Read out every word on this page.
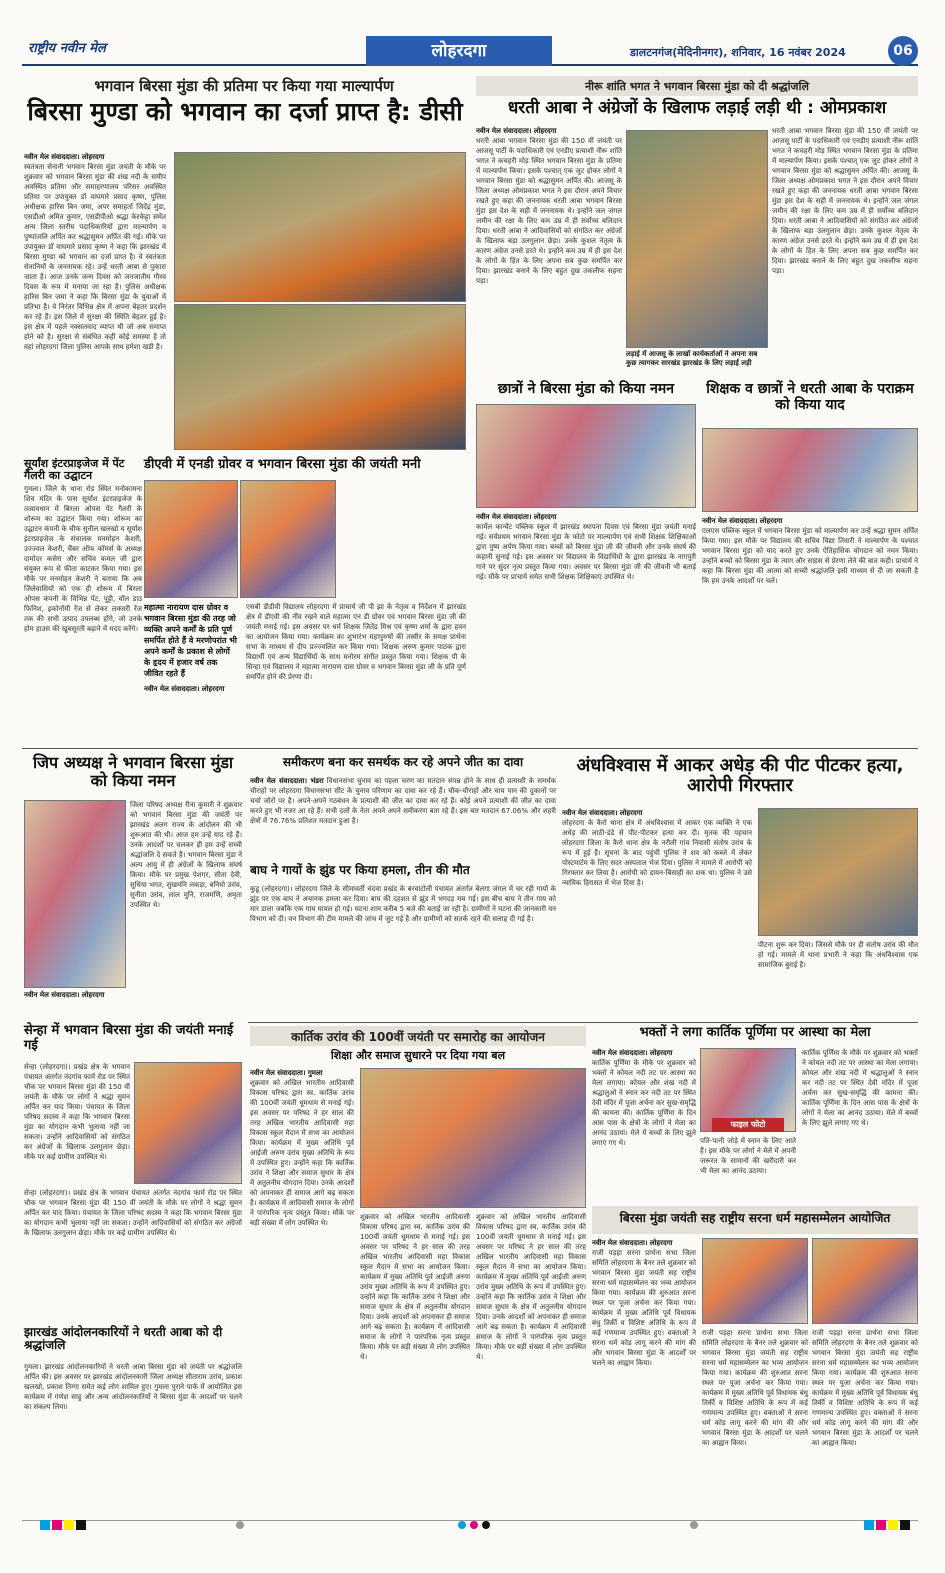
राष्ट्रीय नवीन मेल	लोहरदगा	डालटनगंज(मेदिनीनगर), शनिवार, 16 नवंबर 2024	06
भगवान बिरसा मुंडा की प्रतिमा पर किया गया माल्यार्पण
बिरसा मुण्डा को भगवान का दर्जा प्राप्त है: डीसी
नवीन मेल संवाददाता। लोहरदगा
स्वतंत्रता सेनानी भगवान बिरसा मुंडा जयंती के मौके पर शुक्रवार को भगवान बिरसा मुंडा की शंख नदी के समीप अवस्थित प्रतिमा और समाहरणालय परिसर अवस्थित प्रतिमा पर उपायुक्त डॉ वाघमारे प्रसाद कृष्ण, पुलिस अधीक्षक हारिस बिन जमा, अपर समाहर्ता जिदेंद्र मुंडा, एसडीओ अमित कुमार, एसडीपीओ श्रद्धा केरकेट्टा समेत अन्य जिला स्तरीय पदाधिकारियों द्वारा माल्यार्पण व पुष्पांजलि अर्पित कर श्रद्धासुमन अर्पित की गई। मौके पर उपायुक्त डॉ वाघमारे प्रसाद कृष्ण ने कहा कि झारखंड में बिरसा मुण्डा को भगवान का दर्जा प्राप्त है। वे स्वतंत्रता सेनानियों के जननायक रहे। उन्हें धरती आबा से पुकारा जाता है। आज उनके जन्म दिवस को जनजातीय गौरव दिवस के रूप में मनाया जा रहा है। पुलिस अधीक्षक हारिस बिन जमा ने कहा कि बिरसा मुंडा के युवाओं में प्रतिभा है। वे निरंतर विभिन्न क्षेत्र में अपना बेहतर प्रदर्शन कर रहे हैं। इस जिले में सुरक्षा की स्थिति बेहतर हुई है। इस क्षेत्र में पहले नक्सलवाद व्याप्त थी जो अब समाप्त होने को है। सुरक्षा से संबंधित कहीं कोई समस्या है तो वहां लोहरदगा जिला पुलिस आपके साथ हमेशा खड़ी है।
सूर्यांश इंटरप्राइजेज में पेंट गैलरी का उद्घाटन
गुमला। जिले के थाना रोड स्थित मनोकामना शिव मंदिर के पास सूर्यांश इंटरप्राइजेज के तत्वावधान में बिरला ओपस पेंट गैलरी के शोरूम का उद्घाटन किया गया। शोरूम का उद्घाटन कंपनी के चीफ सुनील खलखो व सूर्यांश इंटरप्राइजेज के संचालक मनमोहन केशरी, उज्ज्वल केशरी, चैंबर ऑफ कॉमर्स के अध्यक्ष दामोदर कसेरा और सचिव कमल जी द्वारा संयुक्त रूप से फीता काटकर किया गया। इस मौके पर मनमोहन केशरी ने बताया कि अब जिलेवासियों को एक ही शोरूम में बिरला ओपस कंपनी के विभिन्न पेंट, पुट्टी, वॉल डाउ फिनिश, इकोनॉमी रेंज से लेकर लक्जरी रेंज तक की सभी उत्पाद उपलब्ध होंगे, जो उनके होम हाउस की खूबसूरती बढ़ाने में मदद करेंगे।
डीएवी में एनडी ग्रोवर व भगवान बिरसा मुंडा की जयंती मनी
महात्मा नारायण दास ग्रोवर व भगवान बिरसा मुंडा की तरह जो व्यक्ति अपने कर्मों के प्रति पूर्ण समर्पित होते हैं वे मरणोपरांत भी अपने कर्मों के प्रकाश से लोगों के हृदय में हजार वर्ष तक जीवित रहते हैं
नवीन मेल संवाददाता। लोहरदगा
एसबी डीडीवी विद्यालय लोहरदगा में प्राचार्य जी पी झा के नेतृत्व व निर्देशन में झारखंड क्षेत्र में डीएवी की नींव रखने वाले महात्मा एन डी ग्रोवर एवं भगवान बिरसा मुंडा जी की जयंती मनाई गई। इस अवसर पर धर्म शिक्षक जितेंद्र मिश्र एवं कृष्ण शर्मा के द्वारा हवन का आयोजन किया गया। कार्यक्रम का शुभारंभ महापुरुषों की तस्वीर के समक्ष प्रार्थना सभा के माध्यम से दीप प्रज्ज्वलित कर किया गया। शिक्षक अरुण कुमार पाठक द्वारा विद्यार्थी एवं अन्य विद्यार्थियों के साथ मनोरम संगीत प्रस्तुत किया गया। शिक्षक पी के सिन्हा एवं विद्यालय ने महात्मा नारायण दास ग्रोवर व भगवान बिरसा मुंडा जी के प्रति पूर्ण समर्पित होने की प्रेरणा दी।
नीरू शांति भगत ने भगवान बिरसा मुंडा को दी श्रद्धांजलि
धरती आबा ने अंग्रेजों के खिलाफ लड़ाई लड़ी थी : ओमप्रकाश
नवीन मेल संवाददाता। लोहरदगा
धरती आबा भगवान बिरसा मुंडा की 150 वीं जयंती पर आजसू पार्टी के पदाधिकारी एवं एनडीए प्रत्याशी नीरू शांति भगत ने कचहरी मोड़ स्थित भगवान बिरसा मुंडा के प्रतिमा में माल्यार्पण किया। इसके पश्चात् एक जुट होकर लोगों ने भगवान बिरसा मुंडा को श्रद्धासुमन अर्पित की। आजसू के जिला अध्यक्ष ओमप्रकाश भगत ने इस दौरान अपने विचार रखते हुए कहा की जननायक धरती आबा भगवान बिरसा मुंडा इस देश के सही में जननायक थे। इन्होंने जल जंगल जमीन की रक्षा के लिए कम उम्र में ही सर्वोच्च बलिदान दिया। धरती आबा ने आदिवासियों को संगठित कर अंग्रेजों के खिलाफ बड़ा उलगुलान छेड़ा। उनके कुशल नेतृत्व के कारण अंग्रेज उनसे डरते थे। इन्होंने कम उम्र में ही इस देश के लोगों के हित के लिए अपना सब कुछ समर्पित कर दिया। झारखंड बनाने के लिए बहुत दुख तकलीफ सहना पड़ा।
लड़ाई में आजसू के लाखों कार्यकर्ताओं ने अपना सब कुछ त्यागकर सारखंड झारखंड के लिए लड़ाई लड़ी
धरती आबा भगवान बिरसा मुंडा की 150 वीं जयंती पर आजसू पार्टी के पदाधिकारी एवं एनडीए प्रत्याशी नीरू शांति भगत ने कचहरी मोड़ स्थित भगवान बिरसा मुंडा के प्रतिमा में माल्यार्पण किया। इसके पश्चात् एक जुट होकर लोगों ने भगवान बिरसा मुंडा को श्रद्धासुमन अर्पित की। आजसू के जिला अध्यक्ष ओमप्रकाश भगत ने इस दौरान अपने विचार रखते हुए कहा की जननायक धरती आबा भगवान बिरसा मुंडा इस देश के सही में जननायक थे। इन्होंने जल जंगल जमीन की रक्षा के लिए कम उम्र में ही सर्वोच्च बलिदान दिया। धरती आबा ने आदिवासियों को संगठित कर अंग्रेजों के खिलाफ बड़ा उलगुलान छेड़ा। उनके कुशल नेतृत्व के कारण अंग्रेज उनसे डरते थे। इन्होंने कम उम्र में ही इस देश के लोगों के हित के लिए अपना सब कुछ समर्पित कर दिया। झारखंड बनाने के लिए बहुत दुख तकलीफ सहना पड़ा।
छात्रों ने बिरसा मुंडा को किया नमन
नवीन मेल संवाददाता। लोहरदगा
कार्मेल कान्वेंट पब्लिक स्कूल में झारखंड स्थापना दिवस एवं बिरसा मुंडा जयंती मनाई गई। सर्वप्रथम भगवान बिरसा मुंडा के फोटो पर माल्यार्पण एवं सभी शिक्षक शिक्षिकाओं द्वारा पुष्प अर्पण किया गया। बच्चों को बिरसा मुंडा जी की जीवनी और उनके संघर्ष की कहानी सुनाई गई। इस अवसर पर विद्यालय के विद्यार्थियों के द्वारा झारखंड के नागपुरी गाने पर सुंदर नृत्य प्रस्तुत किया गया। अवसर पर बिरसा मुंडा जी की जीवनी भी बताई गई। मौके पर प्राचार्य समेत सभी शिक्षक शिक्षिकाएं उपस्थित थे।
शिक्षक व छात्रों ने धरती आबा के पराक्रम को किया याद
नवीन मेल संवाददाता। लोहरदगा
एलएस पब्लिक स्कूल में भगवान बिरसा मुंडा को माल्यार्पण कर उन्हें श्रद्धा सुमन अर्पित किया गया। इस मौके पर विद्यालय की सचिव विद्या तिवारी ने माल्यार्पण के पश्चात भगवान बिरसा मुंडा को याद करते हुए उनके ऐतिहासिक योगदान को नमन किया। उन्होंने बच्चों को बिरसा मुंडा के त्याग और साहस से प्रेरणा लेने की बात कही। प्राचार्य ने कहा कि बिरसा मुंडा की आत्मा को सच्ची श्रद्धांजलि इसी माध्यम से दी जा सकती है कि हम उनके आदर्शों पर चलें।
जिप अध्यक्ष ने भगवान बिरसा मुंडा को किया नमन
जिला परिषद अध्यक्ष रीना कुमारी ने शुक्रवार को भगवान बिरसा मुंडा की जयंती पर झारखंड अलग राज्य के आंदोलन की भी शुरूआत की थी। आज हम उन्हें याद रहे हैं। उनके आदर्शों पर चलकर ही हम उन्हें सच्ची श्रद्धांजलि दे सकते हैं। भगवान बिरसा मुंडा ने अल्प आयु में ही अंग्रेजों के खिलाफ संघर्ष किया। मौके पर प्रमुख पेशगर, सीता देवी, सुधिया भगत, सुखमनि लकड़ा, बनियो उरांव, सुनीता उरांव, लाल मुनि, राजमणि, अमृता उपस्थित थे।
नवीन मेल संवाददाता। लोहरदगा
समीकरण बना कर समर्थक कर रहे अपने जीत का दावा
नवीन मेल संवाददाता। भंडरा विधानसभा चुनाव का पहला चरण का मतदान संपन्न होने के साथ ही प्रत्याशी के समर्थक चौराहों पर लोहरदगा विधानसभा सीट के चुनाव परिणाम का दावा कर रहे हैं। चौक-चौराहों और चाय पान की दुकानों पर चर्चा जोरों पर है। अपने-अपने गठबंधन के प्रत्याशी की जीत का दावा कर रहे हैं। कोई अपने प्रत्याशी की जीत का दावा करते हुए भी नजर आ रहे हैं। सभी दलों के नेता अपने अपने समीकरण बता रहे हैं। इस बार मतदान 67.06% और शहरी क्षेत्रों में 76.76% प्रतिशत मतदान हुआ है।
बाघ ने गायों के झुंड पर किया हमला, तीन की मौत
कुडू (लोहरदगा)। लोहरदगा जिले के सीमावर्ती चंदवा प्रखंड के बरवाटोली पंचायत अंतर्गत बेलगा जंगल में चर रही गायों के झुंड पर एक बाघ ने अचानक हमला कर दिया। बाघ की दहशत से झुंड में भगदड़ मच गई। इस बीच बाघ ने तीन गाय को मार डाला जबकि एक गाय घायल हो गई। घटना शाम करीब 5 बजे की बताई जा रही है। ग्रामीणों ने घटना की जानकारी वन विभाग को दी। वन विभाग की टीम मामले की जांच में जुट गई है और ग्रामीणों को सतर्क रहने की सलाह दी गई है।
अंधविश्वास में आकर अधेड़ की पीट पीटकर हत्या, आरोपी गिरफ्तार
नवीन मेल संवाददाता। लोहरदगा
लोहरदगा के कैरो थाना क्षेत्र में अंधविश्वास में आकर एक व्यक्ति ने एक अधेड़ की लाठी-डंडे से पीट-पीटकर हत्या कर दी। मृतक की पहचान लोहरदगा जिला के कैरो थाना क्षेत्र के नरौली गांव निवासी संतोष उरांव के रूप में हुई है। सूचना के बाद पहुंची पुलिस ने शव को कब्जे में लेकर पोस्टमार्टम के लिए सदर अस्पताल भेज दिया। पुलिस ने मामले में आरोपी को गिरफ्तार कर लिया है। आरोपी को डायन-बिसाही का शक था। पुलिस ने उसे न्यायिक हिरासत में भेज दिया है।
पीटना शुरू कर दिया। जिससे मौके पर ही संतोष उरांव की मौत हो गई। मामले में थाना प्रभारी ने कहा कि अंधविश्वास एक सामाजिक बुराई है।
सेन्हा में भगवान बिरसा मुंडा की जयंती मनाई गई
सेन्हा (लोहरदगा)। प्रखंड क्षेत्र के भगवान पंचायत अंतर्गत नंदगांव फार्म रोड पर स्थित चौक पर भगवान बिरसा मुंडा की 150 वीं जयंती के मौके पर लोगों ने श्रद्धा सुमन अर्पित कर याद किया। पंचायत के जिला परिषद सदस्य ने कहा कि भगवान बिरसा मुंडा का योगदान कभी भुलाया नहीं जा सकता। उन्होंने आदिवासियों को संगठित कर अंग्रेजों के खिलाफ उलगुलान छेड़ा। मौके पर कई ग्रामीण उपस्थित थे।
सेन्हा (लोहरदगा)। प्रखंड क्षेत्र के भगवान पंचायत अंतर्गत नंदगांव फार्म रोड पर स्थित चौक पर भगवान बिरसा मुंडा की 150 वीं जयंती के मौके पर लोगों ने श्रद्धा सुमन अर्पित कर याद किया। पंचायत के जिला परिषद सदस्य ने कहा कि भगवान बिरसा मुंडा का योगदान कभी भुलाया नहीं जा सकता। उन्होंने आदिवासियों को संगठित कर अंग्रेजों के खिलाफ उलगुलान छेड़ा। मौके पर कई ग्रामीण उपस्थित थे।
झारखंड आंदोलनकारियों ने धरती आबा को दी श्रद्धांजलि
गुमला। झारखंड आंदोलनकारियों ने धरती आबा बिरसा मुंडा को जयंती पर श्रद्धांजलि अर्पित की। इस अवसर पर झारखंड आंदोलनकारी जिला अध्यक्ष सीताराम उरांव, प्रकाश खलखो, प्रकाश तिग्गा समेत कई लोग शामिल हुए। गुमला पुराने पार्क में आयोजित इस कार्यक्रम में गणेश साहु और अन्य आंदोलनकारियों ने बिरसा मुंडा के आदर्शों पर चलने का संकल्प लिया।
कार्तिक उरांव की 100वीं जयंती पर समारोह का आयोजन
शिक्षा और समाज सुधारने पर दिया गया बल
नवीन मेल संवाददाता। गुमला
शुक्रवार को अखिल भारतीय आदिवासी विकास परिषद द्वारा स्व. कार्तिक उरांव की 100वीं जयंती धूमधाम से मनाई गई। इस अवसर पर परिषद ने हर साल की तरह अखिल भारतीय आदिवासी महा विकास स्कूल मैदान में सभा का आयोजन किया। कार्यक्रम में मुख्य अतिथि पूर्व आईजी अरुण उरांव मुख्य अतिथि के रूप में उपस्थित हुए। उन्होंने कहा कि कार्तिक उरांव ने शिक्षा और समाज सुधार के क्षेत्र में अतुलनीय योगदान दिया। उनके आदर्शों को अपनाकर ही समाज आगे बढ़ सकता है। कार्यक्रम में आदिवासी समाज के लोगों ने पारंपरिक नृत्य प्रस्तुत किया। मौके पर बड़ी संख्या में लोग उपस्थित थे।
शुक्रवार को अखिल भारतीय आदिवासी विकास परिषद द्वारा स्व. कार्तिक उरांव की 100वीं जयंती धूमधाम से मनाई गई। इस अवसर पर परिषद ने हर साल की तरह अखिल भारतीय आदिवासी महा विकास स्कूल मैदान में सभा का आयोजन किया। कार्यक्रम में मुख्य अतिथि पूर्व आईजी अरुण उरांव मुख्य अतिथि के रूप में उपस्थित हुए। उन्होंने कहा कि कार्तिक उरांव ने शिक्षा और समाज सुधार के क्षेत्र में अतुलनीय योगदान दिया। उनके आदर्शों को अपनाकर ही समाज आगे बढ़ सकता है। कार्यक्रम में आदिवासी समाज के लोगों ने पारंपरिक नृत्य प्रस्तुत किया। मौके पर बड़ी संख्या में लोग उपस्थित थे।
शुक्रवार को अखिल भारतीय आदिवासी विकास परिषद द्वारा स्व. कार्तिक उरांव की 100वीं जयंती धूमधाम से मनाई गई। इस अवसर पर परिषद ने हर साल की तरह अखिल भारतीय आदिवासी महा विकास स्कूल मैदान में सभा का आयोजन किया। कार्यक्रम में मुख्य अतिथि पूर्व आईजी अरुण उरांव मुख्य अतिथि के रूप में उपस्थित हुए। उन्होंने कहा कि कार्तिक उरांव ने शिक्षा और समाज सुधार के क्षेत्र में अतुलनीय योगदान दिया। उनके आदर्शों को अपनाकर ही समाज आगे बढ़ सकता है। कार्यक्रम में आदिवासी समाज के लोगों ने पारंपरिक नृत्य प्रस्तुत किया। मौके पर बड़ी संख्या में लोग उपस्थित थे।
भक्तों ने लगा कार्तिक पूर्णिमा पर आस्था का मेला
नवीन मेल संवाददाता। लोहरदगा
कार्तिक पूर्णिमा के मौके पर शुक्रवार को भक्तों ने कोयल नदी तट पर आस्था का मेला लगाया। कोयल और शंख नदी में श्रद्धालुओं ने स्नान कर नदी तट पर स्थित देवी मंदिर में पूजा अर्चना कर सुख-समृद्धि की कामना की। कार्तिक पूर्णिमा के दिन आस पास के क्षेत्रों के लोगों ने मेला का आनंद उठाया। मेले में बच्चों के लिए झूले लगाए गए थे।
फाइल फोटो
पति-पत्नी जोड़े में स्नान के लिए आते हैं। इस मौके पर लोगों ने मेले में अपनी जरूरत के सामानों की खरीदारी कर भी मेला का आनंद उठाया।
कार्तिक पूर्णिमा के मौके पर शुक्रवार को भक्तों ने कोयल नदी तट पर आस्था का मेला लगाया। कोयल और शंख नदी में श्रद्धालुओं ने स्नान कर नदी तट पर स्थित देवी मंदिर में पूजा अर्चना कर सुख-समृद्धि की कामना की। कार्तिक पूर्णिमा के दिन आस पास के क्षेत्रों के लोगों ने मेला का आनंद उठाया। मेले में बच्चों के लिए झूले लगाए गए थे।
बिरसा मुंडा जयंती सह राष्ट्रीय सरना धर्म महासम्मेलन आयोजित
नवीन मेल संवाददाता। लोहरदगा
राजी पड़हा सरना प्रार्थना सभा जिला समिति लोहरदगा के बैनर तले शुक्रवार को भगवान बिरसा मुंडा जयंती सह राष्ट्रीय सरना धर्म महासम्मेलन का भव्य आयोजन किया गया। कार्यक्रम की शुरुआत सरना स्थल पर पूजा अर्चना कर किया गया। कार्यक्रम में मुख्य अतिथि पूर्व विधायक बंधु तिर्की व विशिष्ट अतिथि के रूप में कई गणमान्य उपस्थित हुए। वक्ताओं ने सरना धर्म कोड लागू करने की मांग की और भगवान बिरसा मुंडा के आदर्शों पर चलने का आह्वान किया।
राजी पड़हा सरना प्रार्थना सभा जिला समिति लोहरदगा के बैनर तले शुक्रवार को भगवान बिरसा मुंडा जयंती सह राष्ट्रीय सरना धर्म महासम्मेलन का भव्य आयोजन किया गया। कार्यक्रम की शुरुआत सरना स्थल पर पूजा अर्चना कर किया गया। कार्यक्रम में मुख्य अतिथि पूर्व विधायक बंधु तिर्की व विशिष्ट अतिथि के रूप में कई गणमान्य उपस्थित हुए। वक्ताओं ने सरना धर्म कोड लागू करने की मांग की और भगवान बिरसा मुंडा के आदर्शों पर चलने का आह्वान किया।
राजी पड़हा सरना प्रार्थना सभा जिला समिति लोहरदगा के बैनर तले शुक्रवार को भगवान बिरसा मुंडा जयंती सह राष्ट्रीय सरना धर्म महासम्मेलन का भव्य आयोजन किया गया। कार्यक्रम की शुरुआत सरना स्थल पर पूजा अर्चना कर किया गया। कार्यक्रम में मुख्य अतिथि पूर्व विधायक बंधु तिर्की व विशिष्ट अतिथि के रूप में कई गणमान्य उपस्थित हुए। वक्ताओं ने सरना धर्म कोड लागू करने की मांग की और भगवान बिरसा मुंडा के आदर्शों पर चलने का आह्वान किया।
